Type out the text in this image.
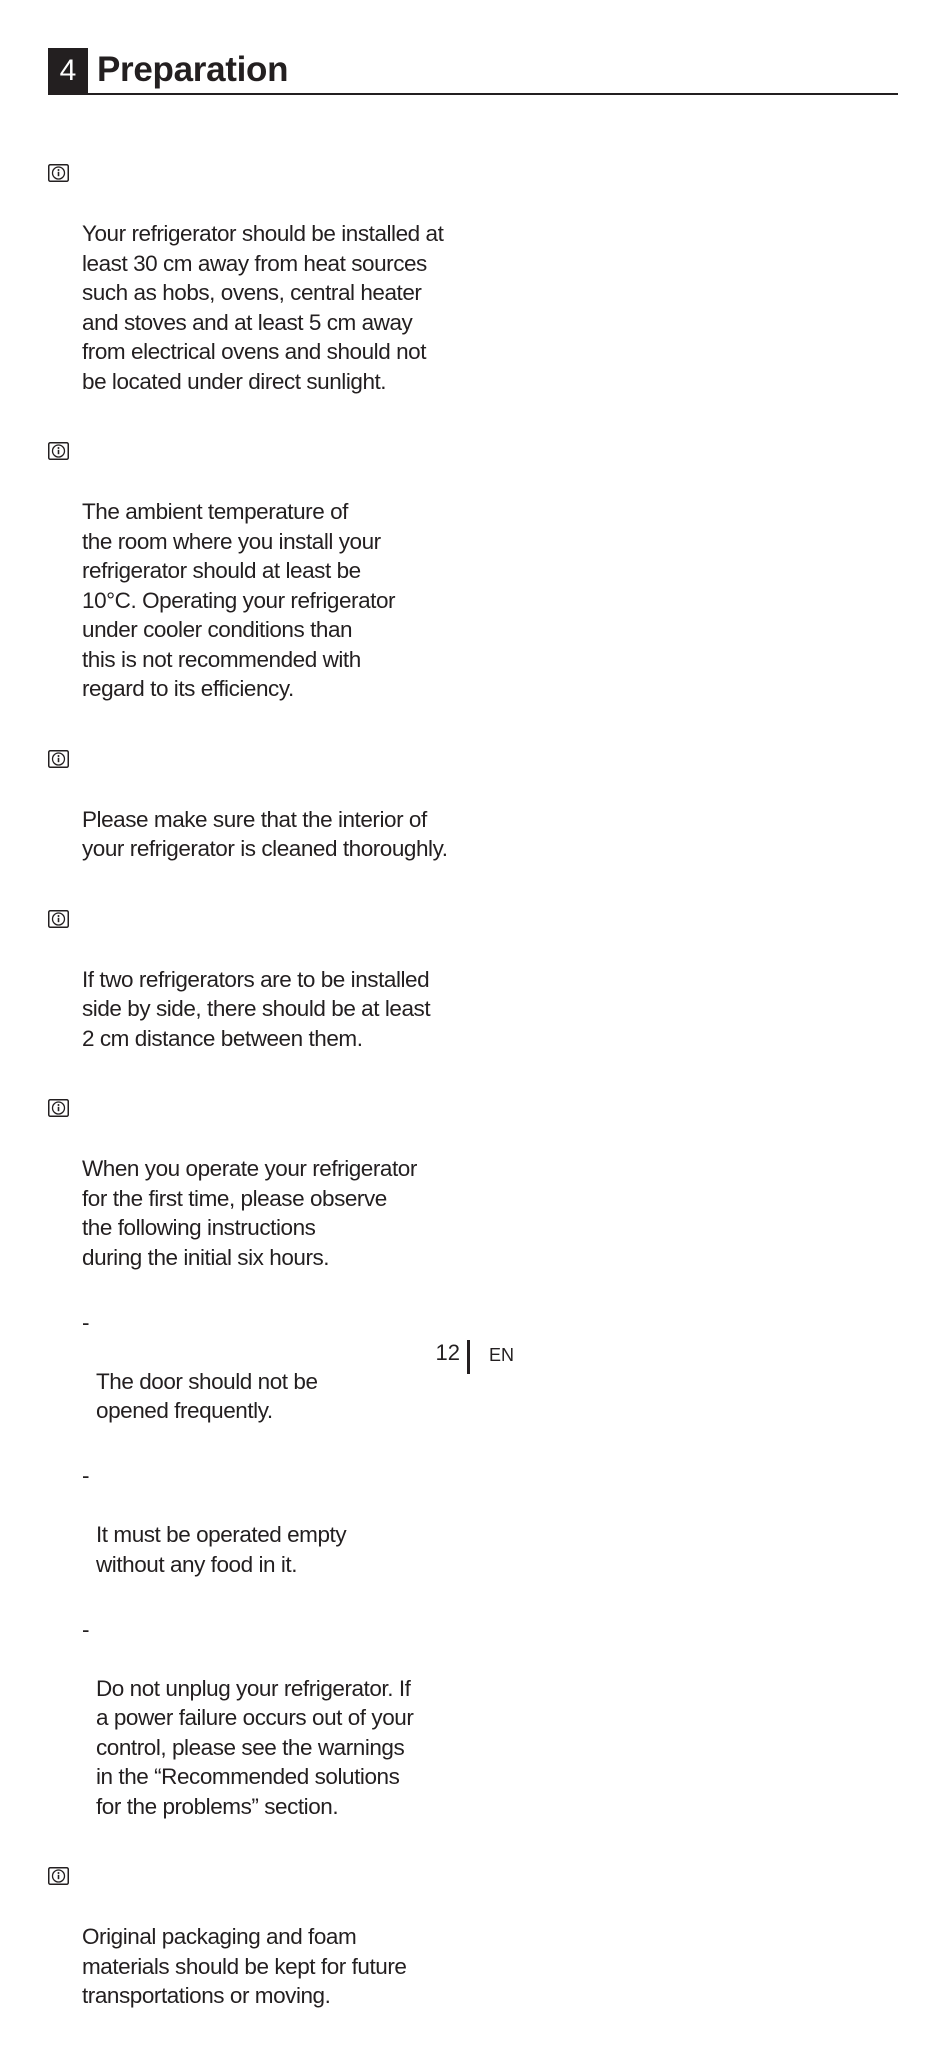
4 Preparation

Your refrigerator should be installed at
least 30 cm away from heat sources
such as hobs, ovens, central heater
and stoves and at least 5 cm away
from electrical ovens and should not
be located under direct sunlight.

The ambient temperature of
the room where you install your
refrigerator should at least be
10°C. Operating your refrigerator
under cooler conditions than
this is not recommended with
regard to its efficiency.

Please make sure that the interior of
your refrigerator is cleaned thoroughly.

If two refrigerators are to be installed
side by side, there should be at least
2 cm distance between them.

When you operate your refrigerator
for the first time, please observe
the following instructions
during the initial six hours.

-

The door should not be
opened frequently.

-

It must be operated empty
without any food in it.

-

Do not unplug your refrigerator. If
a power failure occurs out of your
control, please see the warnings
in the “Recommended solutions
for the problems” section.

Original packaging and foam
materials should be kept for future
transportations or moving.

12 EN
